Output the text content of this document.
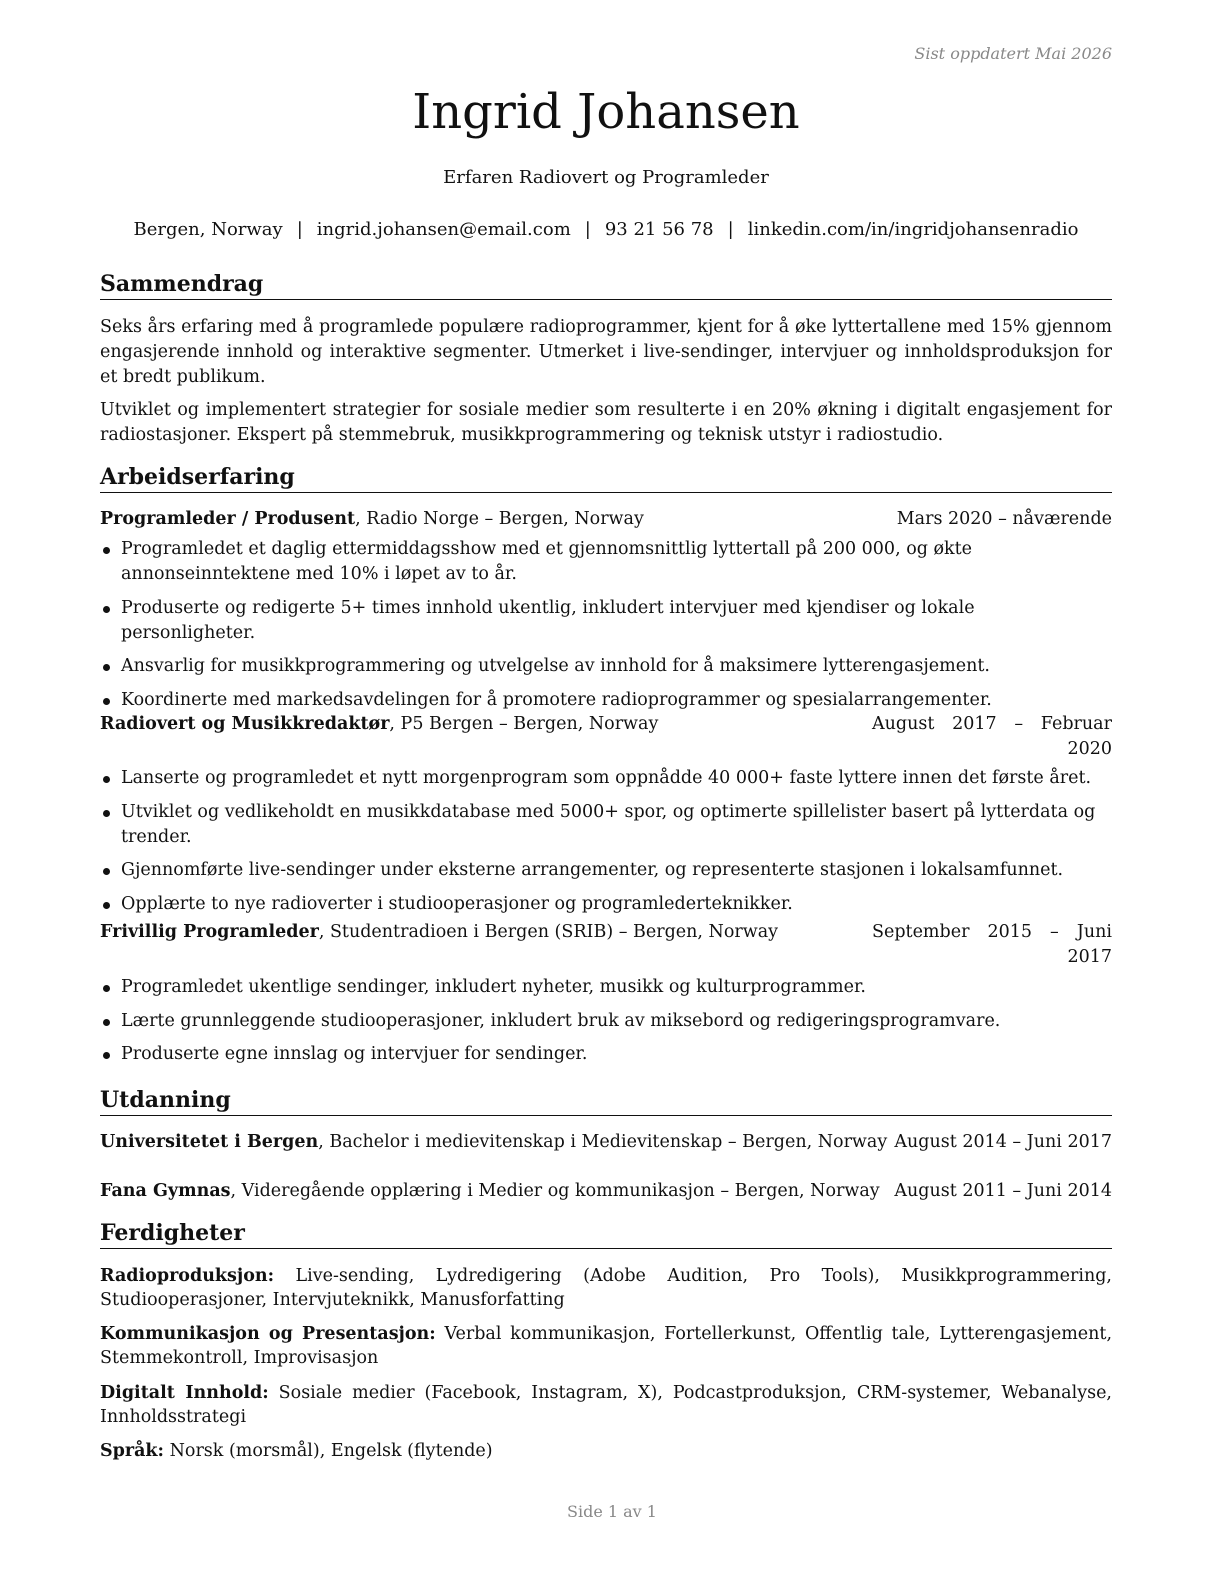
Sist oppdatert Mai 2026
Ingrid Johansen
Erfaren Radiovert og Programleder
Bergen, Norway | ingrid.johansen@email.com | 93 21 56 78 | linkedin.com/in/ingridjohansenradio
Sammendrag

Seks års erfaring med å programlede populære radioprogrammer, kjent for å øke lyttertallene med 15% gjennom engasjerende innhold og interaktive segmenter. Utmerket i live-sendinger, intervjuer og innholdsproduksjon for et bredt publikum.

Utviklet og implementert strategier for sosiale medier som resulterte i en 20% økning i digitalt engasjement for radiostasjoner. Ekspert på stemmebruk, musikkprogrammering og teknisk utstyr i radiostudio.

Arbeidserfaring
Programleder / Produsent, Radio Norge – Bergen, Norway	Mars 2020 – nåværende
Programledet et daglig ettermiddagsshow med et gjennomsnittlig lyttertall på 200 000, og økte annonseinntektene med 10% i løpet av to år.
Produserte og redigerte 5+ times innhold ukentlig, inkludert intervjuer med kjendiser og lokale personligheter.
Ansvarlig for musikkprogrammering og utvelgelse av innhold for å maksimere lytterengasjement.
Koordinerte med markedsavdelingen for å promotere radioprogrammer og spesialarrangementer.
Radiovert og Musikkredaktør, P5 Bergen – Bergen, Norway	August 2017 – Februar 2020
Lanserte og programledet et nytt morgenprogram som oppnådde 40 000+ faste lyttere innen det første året.
Utviklet og vedlikeholdt en musikkdatabase med 5000+ spor, og optimerte spillelister basert på lytterdata og trender.
Gjennomførte live-sendinger under eksterne arrangementer, og representerte stasjonen i lokalsamfunnet.
Opplærte to nye radioverter i studiooperasjoner og programlederteknikker.
Frivillig Programleder, Studentradioen i Bergen (SRIB) – Bergen, Norway	September 2015 – Juni 2017
Programledet ukentlige sendinger, inkludert nyheter, musikk og kulturprogrammer.
Lærte grunnleggende studiooperasjoner, inkludert bruk av miksebord og redigeringsprogramvare.
Produserte egne innslag og intervjuer for sendinger.
Utdanning
Universitetet i Bergen, Bachelor i medievitenskap i Medievitenskap – Bergen, Norway August 2014 – Juni 2017
Fana Gymnas, Videregående opplæring i Medier og kommunikasjon – Bergen, Norway August 2011 – Juni 2014
Ferdigheter

Radioproduksjon: Live-sending, Lydredigering (Adobe Audition, Pro Tools), Musikkprogrammering, Studiooperasjoner, Intervjuteknikk, Manusforfatting

Kommunikasjon og Presentasjon: Verbal kommunikasjon, Fortellerkunst, Offentlig tale, Lytterengasjement, Stemmekontroll, Improvisasjon

Digitalt Innhold: Sosiale medier (Facebook, Instagram, X), Podcastproduksjon, CRM-systemer, Webanalyse, Innholdsstrategi

Språk: Norsk (morsmål), Engelsk (flytende)

Side 1 av 1
